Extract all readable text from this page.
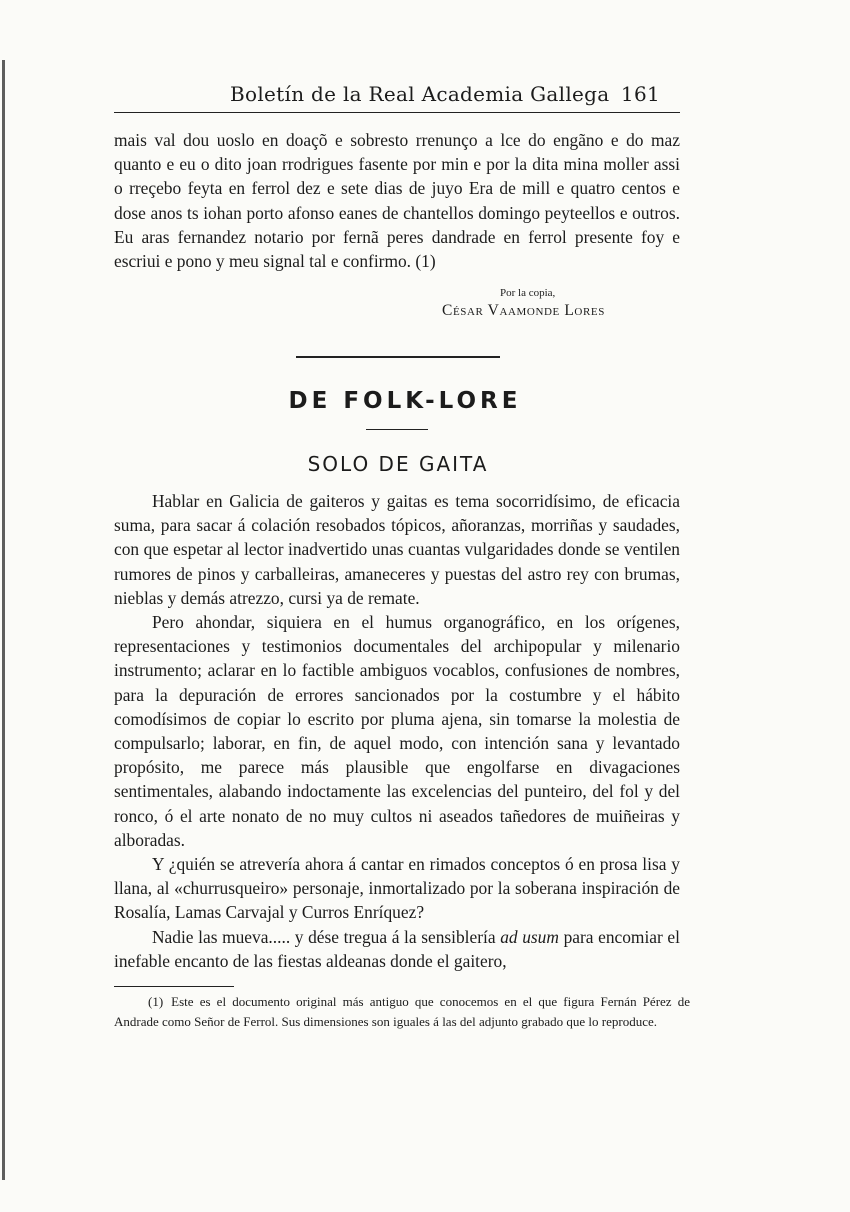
Boletín de la Real Academia Gallega 161

mais val dou uoslo en doaçõ e sobresto rrenunço a lce do engãno e do maz quanto e eu o dito joan rrodrigues fasente por min e por la dita mina moller assi o rreçebo feyta en ferrol dez e sete dias de juyo Era de mill e quatro centos e dose anos ts iohan porto afonso eanes de chantellos domingo peyteellos e outros. Eu aras fernandez notario por fernã peres dandrade en ferrol presente foy e escriui e pono y meu signal tal e confirmo. (1)

Por la copia,
César Vaamonde Lores
DE FOLK-LORE
SOLO DE GAITA

Hablar en Galicia de gaiteros y gaitas es tema socorridísimo, de eficacia suma, para sacar á colación resobados tópicos, añoranzas, morriñas y saudades, con que espetar al lector inadvertido unas cuantas vulgaridades donde se ventilen rumores de pinos y carballeiras, amaneceres y puestas del astro rey con brumas, nieblas y demás atrezzo, cursi ya de remate.

Pero ahondar, siquiera en el humus organográfico, en los orígenes, representaciones y testimonios documentales del archipopular y milenario instrumento; aclarar en lo factible ambiguos vocablos, confusiones de nombres, para la depuración de errores sancionados por la costumbre y el hábito comodísimos de copiar lo escrito por pluma ajena, sin tomarse la molestia de compulsarlo; laborar, en fin, de aquel modo, con intención sana y levantado propósito, me parece más plausible que engolfarse en divagaciones sentimentales, alabando indoctamente las excelencias del punteiro, del fol y del ronco, ó el arte nonato de no muy cultos ni aseados tañedores de muiñeiras y alboradas.

Y ¿quién se atrevería ahora á cantar en rimados conceptos ó en prosa lisa y llana, al «churrusqueiro» personaje, inmortalizado por la soberana inspiración de Rosalía, Lamas Carvajal y Curros Enríquez?

Nadie las mueva..... y dése tregua á la sensiblería ad usum para encomiar el inefable encanto de las fiestas aldeanas donde el gaitero,

(1) Este es el documento original más antiguo que conocemos en el que figura Fernán Pérez de Andrade como Señor de Ferrol. Sus dimensiones son iguales á las del adjunto grabado que lo reproduce.
